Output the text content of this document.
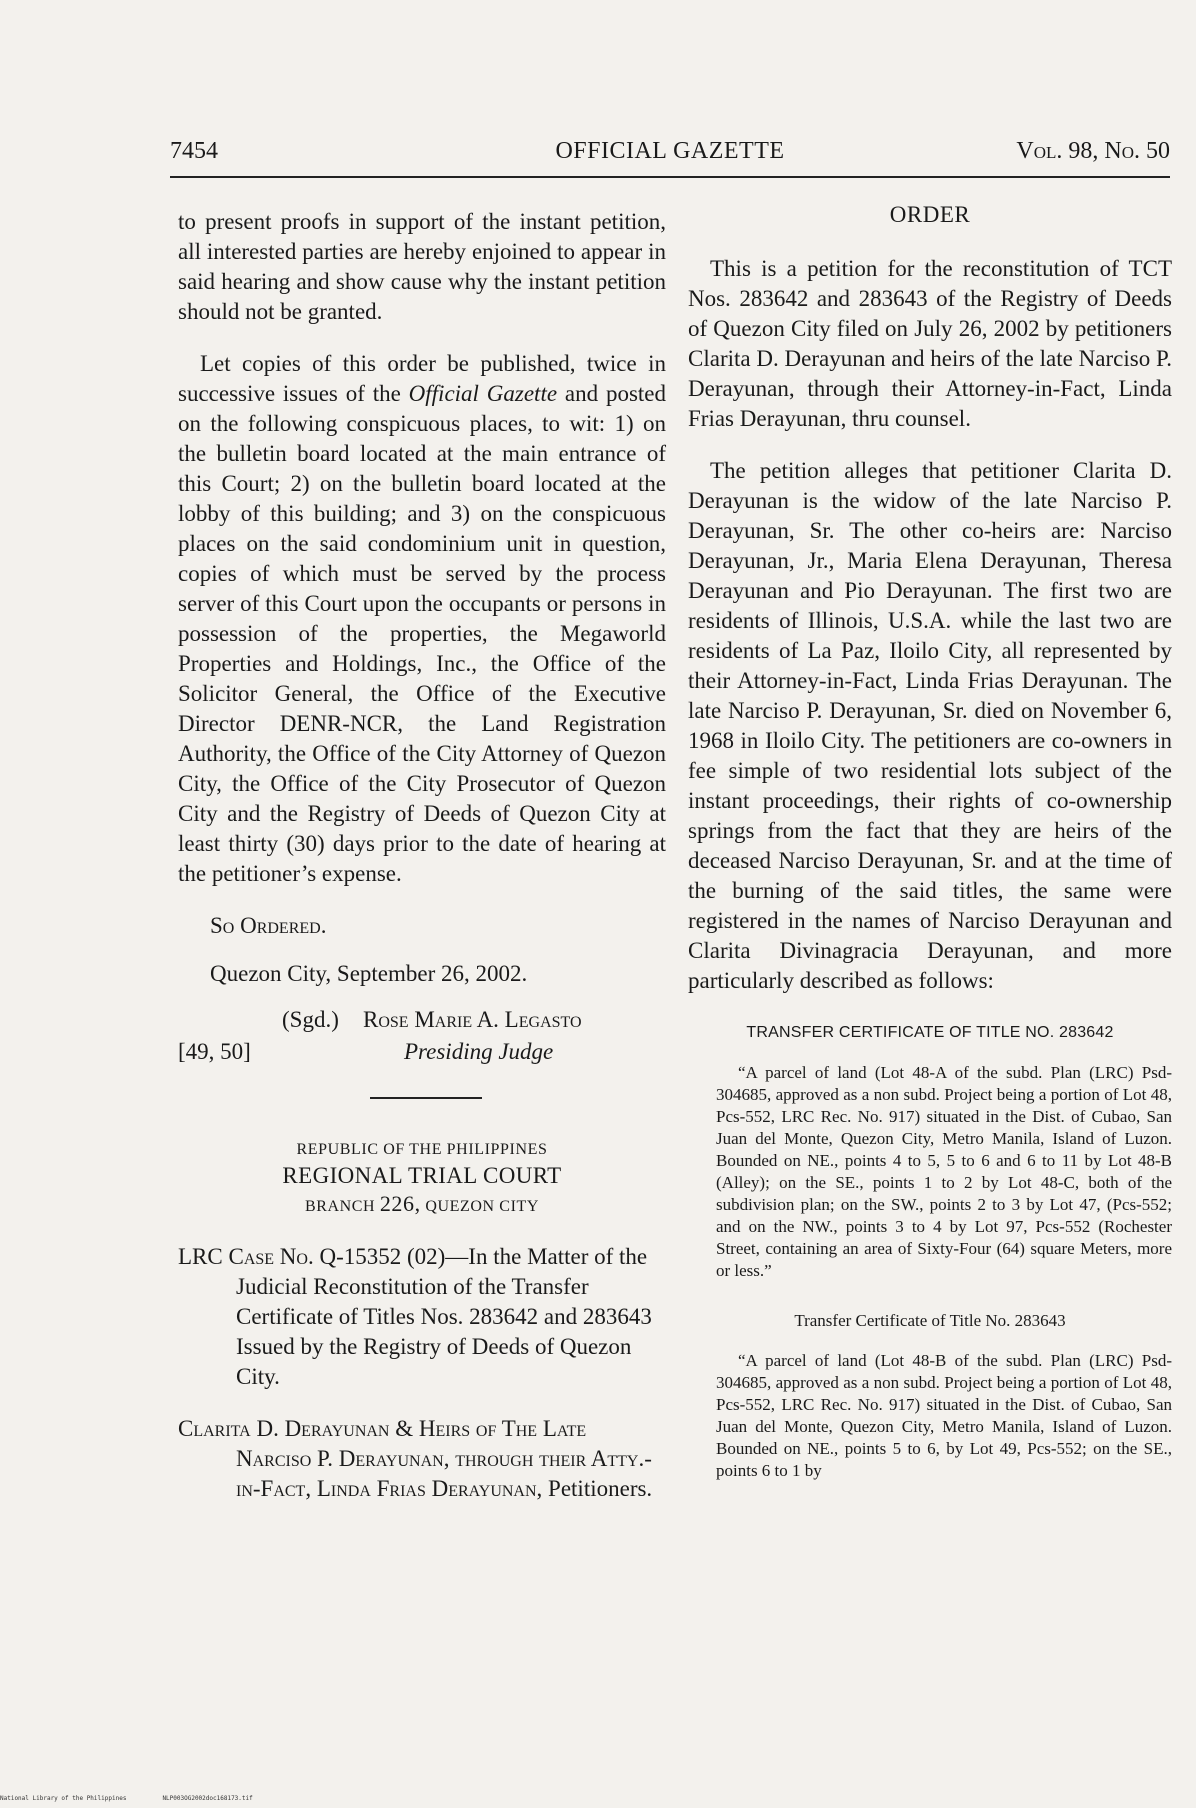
7454	OFFICIAL GAZETTE	Vol. 98, No. 50

to present proofs in support of the instant petition, all interested parties are hereby enjoined to appear in said hearing and show cause why the instant petition should not be granted.

Let copies of this order be published, twice in successive issues of the Official Gazette and posted on the following conspicuous places, to wit: 1) on the bulletin board located at the main entrance of this Court; 2) on the bulletin board located at the lobby of this building; and 3) on the conspicuous places on the said condominium unit in question, copies of which must be served by the process server of this Court upon the occupants or persons in possession of the properties, the Megaworld Properties and Holdings, Inc., the Office of the Solicitor General, the Office of the Executive Director DENR-NCR, the Land Registration Authority, the Office of the City Attorney of Quezon City, the Office of the City Prosecutor of Quezon City and the Registry of Deeds of Quezon City at least thirty (30) days prior to the date of hearing at the petitioner’s expense.

So Ordered.

Quezon City, September 26, 2002.

(Sgd.) Rose Marie A. Legasto
[49, 50]	Presiding Judge
REPUBLIC OF THE PHILIPPINES
REGIONAL TRIAL COURT
BRANCH 226, QUEZON CITY

LRC Case No. Q-15352 (02)—In the Matter of the Judicial Reconstitution of the Transfer Certificate of Titles Nos. 283642 and 283643 Issued by the Registry of Deeds of Quezon City.

Clarita D. Derayunan & Heirs of The Late Narciso P. Derayunan, through their Atty.-in-Fact, Linda Frias Derayunan, Petitioners.

ORDER

This is a petition for the reconstitution of TCT Nos. 283642 and 283643 of the Registry of Deeds of Quezon City filed on July 26, 2002 by petitioners Clarita D. Derayunan and heirs of the late Narciso P. Derayunan, through their Attorney-in-Fact, Linda Frias Derayunan, thru counsel.

The petition alleges that petitioner Clarita D. Derayunan is the widow of the late Narciso P. Derayunan, Sr. The other co-heirs are: Narciso Derayunan, Jr., Maria Elena Derayunan, Theresa Derayunan and Pio Derayunan. The first two are residents of Illinois, U.S.A. while the last two are residents of La Paz, Iloilo City, all represented by their Attorney-in-Fact, Linda Frias Derayunan. The late Narciso P. Derayunan, Sr. died on November 6, 1968 in Iloilo City. The petitioners are co-owners in fee simple of two residential lots subject of the instant proceedings, their rights of co-ownership springs from the fact that they are heirs of the deceased Narciso Derayunan, Sr. and at the time of the burning of the said titles, the same were registered in the names of Narciso Derayunan and Clarita Divinagracia Derayunan, and more particularly described as follows:

TRANSFER CERTIFICATE OF TITLE NO. 283642

“A parcel of land (Lot 48-A of the subd. Plan (LRC) Psd-304685, approved as a non subd. Project being a portion of Lot 48, Pcs-552, LRC Rec. No. 917) situated in the Dist. of Cubao, San Juan del Monte, Quezon City, Metro Manila, Island of Luzon. Bounded on NE., points 4 to 5, 5 to 6 and 6 to 11 by Lot 48-B (Alley); on the SE., points 1 to 2 by Lot 48-C, both of the subdivision plan; on the SW., points 2 to 3 by Lot 47, (Pcs-552; and on the NW., points 3 to 4 by Lot 97, Pcs-552 (Rochester Street, containing an area of Sixty-Four (64) square Meters, more or less.”

Transfer Certificate of Title No. 283643

“A parcel of land (Lot 48-B of the subd. Plan (LRC) Psd-304685, approved as a non subd. Project being a portion of Lot 48, Pcs-552, LRC Rec. No. 917) situated in the Dist. of Cubao, San Juan del Monte, Quezon City, Metro Manila, Island of Luzon. Bounded on NE., points 5 to 6, by Lot 49, Pcs-552; on the SE., points 6 to 1 by

National Library of the Philippines	NLP003OG2002doc168173.tif
